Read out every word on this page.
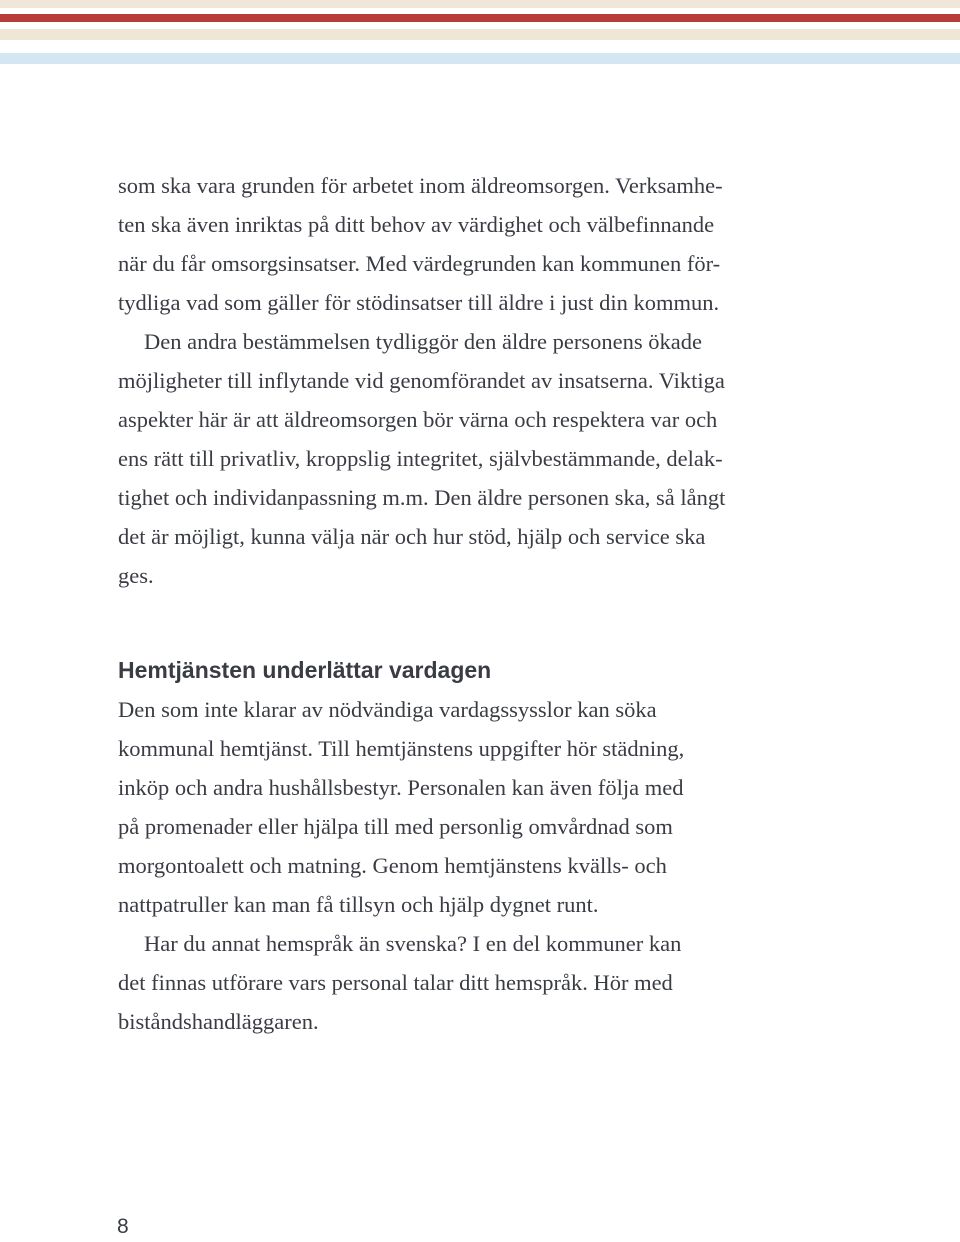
som ska vara grunden för arbetet inom äldreomsorgen. Verksamhe-
ten ska även inriktas på ditt behov av värdighet och välbefinnande
när du får omsorgsinsatser. Med värdegrunden kan kommunen för-
tydliga vad som gäller för stödinsatser till äldre i just din kommun.

Den andra bestämmelsen tydliggör den äldre personens ökade
möjligheter till inflytande vid genomförandet av insatserna. Viktiga
aspekter här är att äldreomsorgen bör värna och respektera var och
ens rätt till privatliv, kroppslig integritet, självbestämmande, delak-
tighet och individanpassning m.m. Den äldre personen ska, så långt
det är möjligt, kunna välja när och hur stöd, hjälp och service ska
ges.

Hemtjänsten underlättar vardagen

Den som inte klarar av nödvändiga vardagssysslor kan söka
kommunal hemtjänst. Till hemtjänstens uppgifter hör städning,
inköp och andra hushållsbestyr. Personalen kan även följa med
på promenader eller hjälpa till med personlig omvårdnad som
morgontoalett och matning. Genom hemtjänstens kvälls- och
nattpatruller kan man få tillsyn och hjälp dygnet runt.

Har du annat hemspråk än svenska? I en del kommuner kan
det finnas utförare vars personal talar ditt hemspråk. Hör med
biståndshandläggaren.

8
